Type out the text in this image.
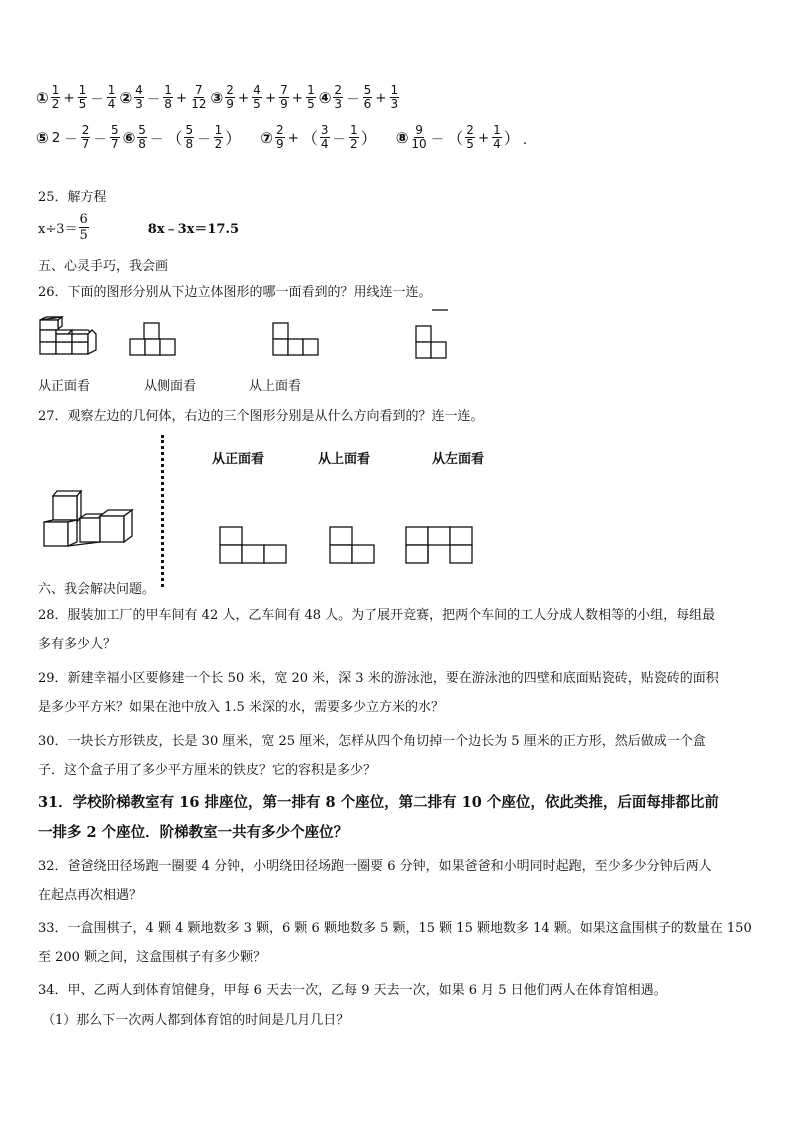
① $\frac{1}{2} + \frac{1}{5} - \frac{1}{4}$ ② $\frac{4}{3} - \frac{1}{8} + \frac{7}{12}$ ③ $\frac{2}{9} + \frac{4}{5} + \frac{7}{9} + \frac{1}{5}$ ④ $\frac{2}{3} - \frac{5}{6} + \frac{1}{3}$
⑤ $2 - \frac{2}{7} - \frac{5}{7}$ ⑥ $\frac{5}{8}$ － （ $\frac{5}{8} - \frac{1}{2}$ ） ⑦ $\frac{2}{9}$ + （ $\frac{3}{4} - \frac{1}{2}$ ） ⑧ $\frac{9}{10}$ － （ $\frac{2}{5} + \frac{1}{4}$ ） ．
25．解方程
$x\div 3= \frac{6}{5}$	8x﹣3x＝17.5
五、心灵手巧，我会画
26．下面的图形分别从下边立体图形的哪一面看到的？用线连一连。
从正面看	从侧面看	从上面看
27．观察左边的几何体，右边的三个图形分别是从什么方向看到的？连一连。
从正面看	从上面看	从左面看
六、我会解决问题。
28．服装加工厂的甲车间有 42 人，乙车间有 48 人。为了展开竞赛，把两个车间的工人分成人数相等的小组，每组最
多有多少人？
29．新建幸福小区要修建一个长 50 米，宽 20 米，深 3 米的游泳池，要在游泳池的四壁和底面贴瓷砖，贴瓷砖的面积
是多少平方米？如果在池中放入 1.5 米深的水，需要多少立方米的水？
30．一块长方形铁皮，长是 30 厘米，宽 25 厘米，怎样从四个角切掉一个边长为 5 厘米的正方形，然后做成一个盒
子．这个盒子用了多少平方厘米的铁皮？它的容积是多少？
31．学校阶梯教室有 16 排座位，第一排有 8 个座位，第二排有 10 个座位，依此类推，后面每排都比前
一排多 2 个座位．阶梯教室一共有多少个座位？
32．爸爸绕田径场跑一圈要 4 分钟，小明绕田径场跑一圈要 6 分钟，如果爸爸和小明同时起跑，至少多少分钟后两人
在起点再次相遇？
33．一盒围棋子，4 颗 4 颗地数多 3 颗，6 颗 6 颗地数多 5 颗，15 颗 15 颗地数多 14 颗。如果这盒围棋子的数量在 150
至 200 颗之间，这盒围棋子有多少颗？
34．甲、乙两人到体育馆健身，甲每 6 天去一次，乙每 9 天去一次，如果 6 月 5 日他们两人在体育馆相遇。
（1）那么下一次两人都到体育馆的时间是几月几日？
